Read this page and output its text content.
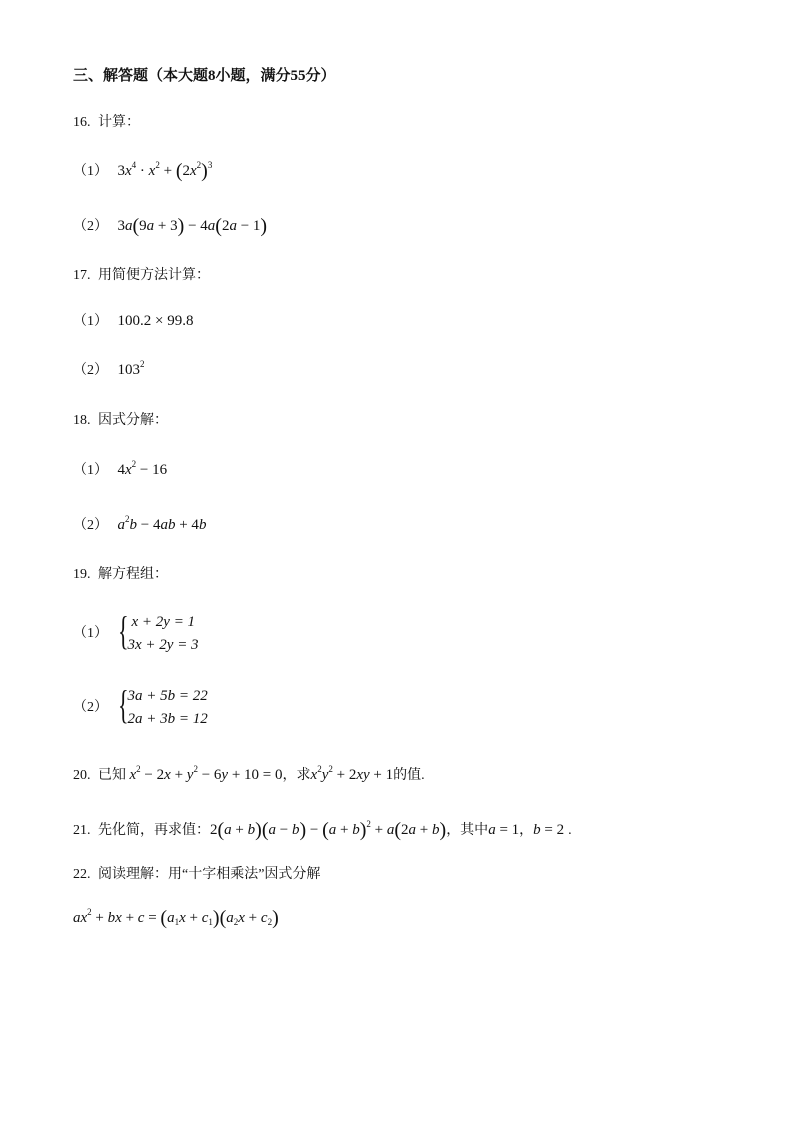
三、解答题（本大题8小题，满分55分）
16. 计算：
（1） $3x^4 \cdot x^2 + (2x^2)^3$
（2） 3a(9a + 3) − 4a(2a − 1)
17. 用简便方法计算：
（1） 100.2 × 99.8
（2） $103^2$
18. 因式分解：
（1） $4x^2 - 16$
（2） $a^2b - 4ab + 4b$
19. 解方程组：
（1） { x + 2y = 1
3x + 2y = 3
（2） { 3a + 5b = 22
2a + 3b = 12
20. 已知 $x^2 - 2x + y^2 - 6y + 10 = 0$，求$x^2y^2 + 2xy + 1$的值.
21. 先化简，再求值：$2(a + b)(a - b) - (a + b)^2 + a(2a + b)$，其中a = 1，b = 2 .
22. 阅读理解：用“十字相乘法”因式分解
$ax^2$ + bx + $c = (a_1x + c_1)(a_2x + c_2)$
